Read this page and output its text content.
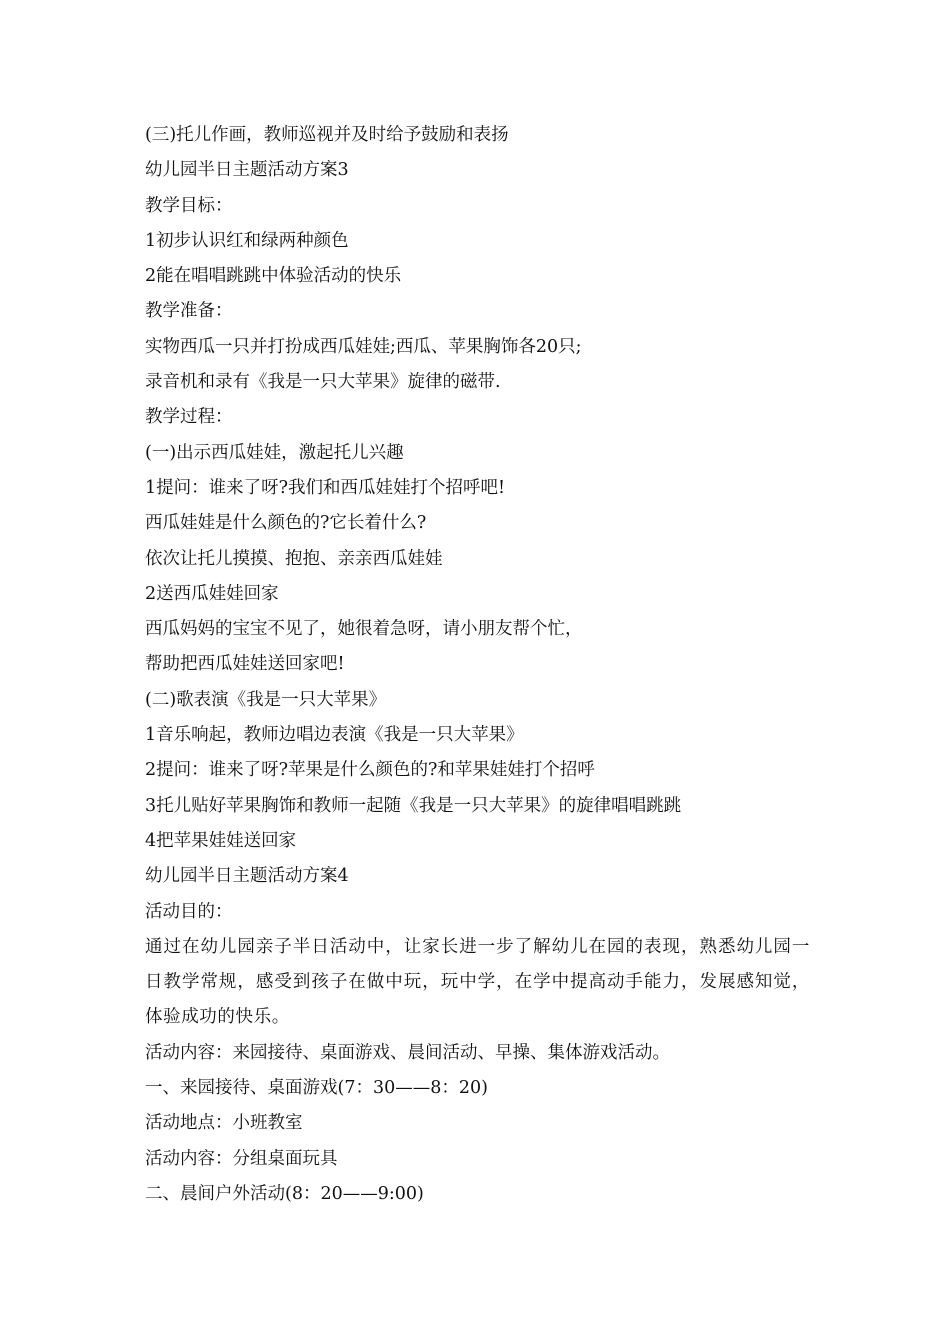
(三)托儿作画，教师巡视并及时给予鼓励和表扬
幼儿园半日主题活动方案3
教学目标：
1初步认识红和绿两种颜色
2能在唱唱跳跳中体验活动的快乐
教学准备：
实物西瓜一只并打扮成西瓜娃娃;西瓜、苹果胸饰各20只;
录音机和录有《我是一只大苹果》旋律的磁带.
教学过程：
(一)出示西瓜娃娃，激起托儿兴趣
1提问：谁来了呀?我们和西瓜娃娃打个招呼吧!
西瓜娃娃是什么颜色的?它长着什么?
依次让托儿摸摸、抱抱、亲亲西瓜娃娃
2送西瓜娃娃回家
西瓜妈妈的宝宝不见了，她很着急呀，请小朋友帮个忙，
帮助把西瓜娃娃送回家吧!
(二)歌表演《我是一只大苹果》
1音乐响起，教师边唱边表演《我是一只大苹果》
2提问：谁来了呀?苹果是什么颜色的?和苹果娃娃打个招呼
3托儿贴好苹果胸饰和教师一起随《我是一只大苹果》的旋律唱唱跳跳
4把苹果娃娃送回家
幼儿园半日主题活动方案4
活动目的：
通过在幼儿园亲子半日活动中，让家长进一步了解幼儿在园的表现，熟悉幼儿园一日教学常规，感受到孩子在做中玩，玩中学，在学中提高动手能力，发展感知觉，体验成功的快乐。
活动内容：来园接待、桌面游戏、晨间活动、早操、集体游戏活动。
一、来园接待、桌面游戏(7：30——8：20)
活动地点：小班教室
活动内容：分组桌面玩具
二、晨间户外活动(8：20——9:00)
